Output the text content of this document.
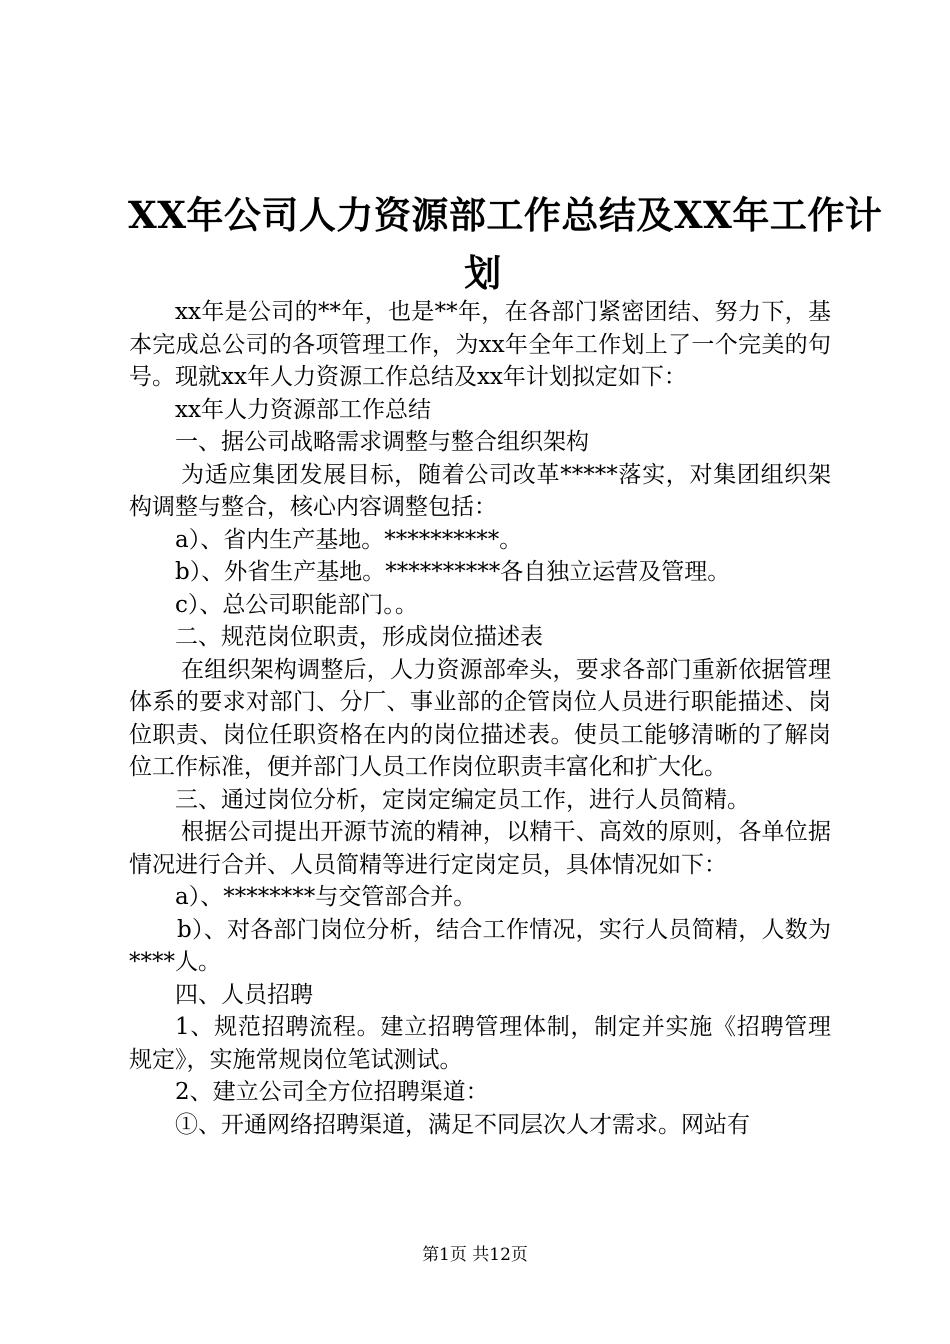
XX年公司人力资源部工作总结及XX年工作计
划

xx年是公司的**年，也是**年，在各部门紧密团结、努力下，基本完成总公司的各项管理工作，为xx年全年工作划上了一个完美的句号。现就xx年人力资源工作总结及xx年计划拟定如下：

xx年人力资源部工作总结

一、据公司战略需求调整与整合组织架构

为适应集团发展目标，随着公司改革*****落实，对集团组织架构调整与整合，核心内容调整包括：

a）、省内生产基地。**********。

b）、外省生产基地。**********各自独立运营及管理。

c）、总公司职能部门。。

二、规范岗位职责，形成岗位描述表

在组织架构调整后，人力资源部牵头，要求各部门重新依据管理体系的要求对部门、分厂、事业部的企管岗位人员进行职能描述、岗位职责、岗位任职资格在内的岗位描述表。使员工能够清晰的了解岗位工作标准，便并部门人员工作岗位职责丰富化和扩大化。

三、通过岗位分析，定岗定编定员工作，进行人员简精。

根据公司提出开源节流的精神，以精干、高效的原则，各单位据情况进行合并、人员简精等进行定岗定员，具体情况如下：

a）、********与交管部合并。

b）、对各部门岗位分析，结合工作情况，实行人员简精，人数为****人。

四、人员招聘

1、规范招聘流程。建立招聘管理体制，制定并实施《招聘管理规定》，实施常规岗位笔试测试。

2、建立公司全方位招聘渠道：

①、开通网络招聘渠道，满足不同层次人才需求。网站有

第1页 共12页
